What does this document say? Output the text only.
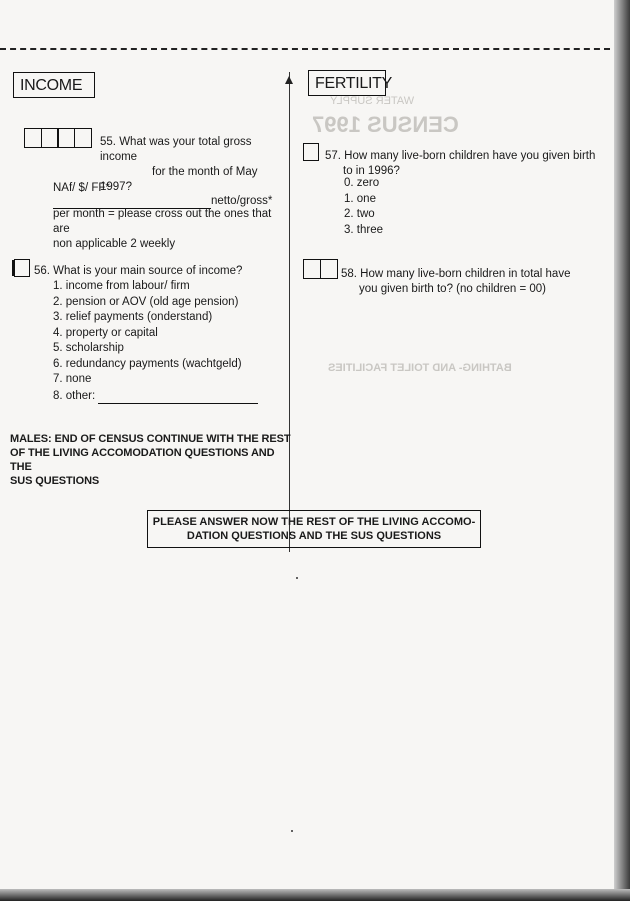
CENSUS 1997
WATER SUPPLY
BATHING- AND TOILET FACILITIES
INCOME
55. What was your total gross income
for the month of May 1997?
NAf/ $/ FF*
netto/gross*
per month = please cross out the ones that are
non applicable 2 weekly
56. What is your main source of income?
1. income from labour/ firm
2. pension or AOV (old age pension)
3. relief payments (onderstand)
4. property or capital
5. scholarship
6. redundancy payments (wachtgeld)
7. none
8. other:
MALES: END OF CENSUS CONTINUE WITH THE REST
OF THE LIVING ACCOMODATION QUESTIONS AND THE
SUS QUESTIONS
FERTILITY
57. How many live-born children have you given birth
to in 1996?
0. zero
1. one
2. two
3. three
58. How many live-born children in total have
you given birth to? (no children = 00)
PLEASE ANSWER NOW THE REST OF THE LIVING ACCOMO-
DATION QUESTIONS AND THE SUS QUESTIONS
